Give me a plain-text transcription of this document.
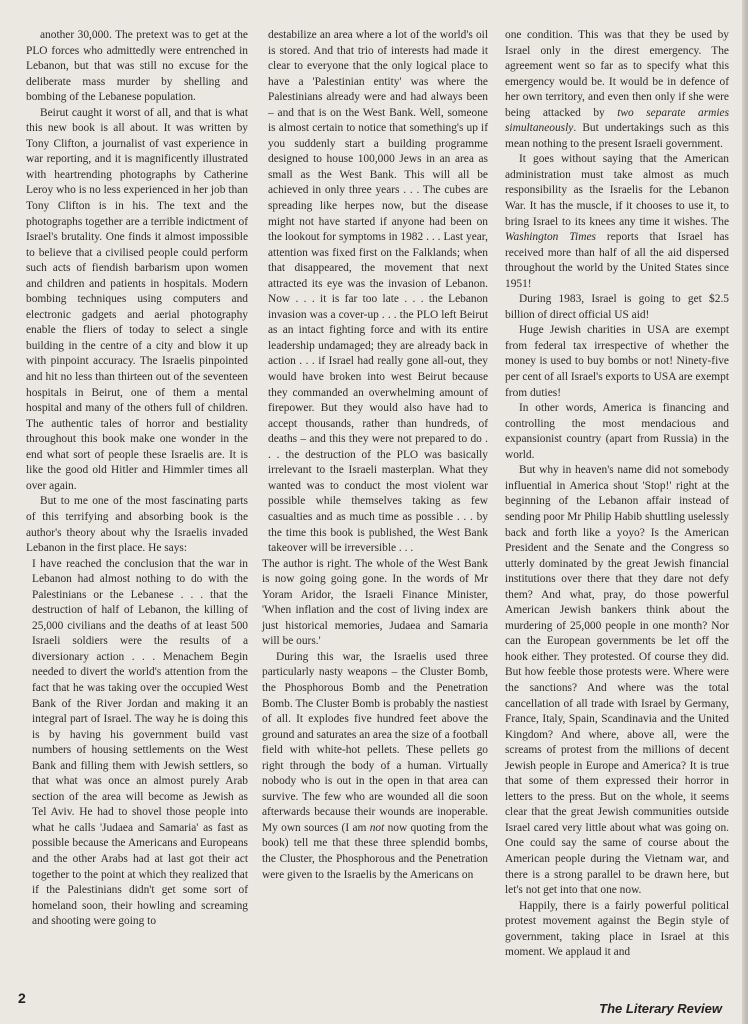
another 30,000. The pretext was to get at the PLO forces who admittedly were entrenched in Lebanon, but that was still no excuse for the deliberate mass murder by shelling and bombing of the Lebanese population.

Beirut caught it worst of all, and that is what this new book is all about. It was written by Tony Clifton, a journalist of vast experience in war reporting, and it is magnificently illustrated with heartrending photographs by Catherine Leroy who is no less experienced in her job than Tony Clifton is in his. The text and the photographs together are a terrible indictment of Israel's brutality. One finds it almost impossible to believe that a civilised people could perform such acts of fiendish barbarism upon women and children and patients in hospitals. Modern bombing techniques using computers and electronic gadgets and aerial photography enable the fliers of today to select a single building in the centre of a city and blow it up with pinpoint accuracy. The Israelis pinpointed and hit no less than thirteen out of the seventeen hospitals in Beirut, one of them a mental hospital and many of the others full of children. The authentic tales of horror and bestiality throughout this book make one wonder in the end what sort of people these Israelis are. It is like the good old Hitler and Himmler times all over again.

But to me one of the most fascinating parts of this terrifying and absorbing book is the author's theory about why the Israelis invaded Lebanon in the first place. He says:

I have reached the conclusion that the war in Lebanon had almost nothing to do with the Palestinians or the Lebanese . . . that the destruction of half of Lebanon, the killing of 25,000 civilians and the deaths of at least 500 Israeli soldiers were the results of a diversionary action . . . Menachem Begin needed to divert the world's attention from the fact that he was taking over the occupied West Bank of the River Jordan and making it an integral part of Israel. The way he is doing this is by having his government build vast numbers of housing settlements on the West Bank and filling them with Jewish settlers, so that what was once an almost purely Arab section of the area will become as Jewish as Tel Aviv. He had to shovel those people into what he calls 'Judaea and Samaria' as fast as possible because the Americans and Europeans and the other Arabs had at last got their act together to the point at which they realized that if the Palestinians didn't get some sort of homeland soon, their howling and screaming and shooting were going to

destabilize an area where a lot of the world's oil is stored. And that trio of interests had made it clear to everyone that the only logical place to have a 'Palestinian entity' was where the Palestinians already were and had always been – and that is on the West Bank. Well, someone is almost certain to notice that something's up if you suddenly start a building programme designed to house 100,000 Jews in an area as small as the West Bank. This will all be achieved in only three years . . . The cubes are spreading like herpes now, but the disease might not have started if anyone had been on the lookout for symptoms in 1982 . . . Last year, attention was fixed first on the Falklands; when that disappeared, the movement that next attracted its eye was the invasion of Lebanon. Now . . . it is far too late . . . the Lebanon invasion was a cover-up . . . the PLO left Beirut as an intact fighting force and with its entire leadership undamaged; they are already back in action . . . if Israel had really gone all-out, they would have broken into west Beirut because they commanded an overwhelming amount of firepower. But they would also have had to accept thousands, rather than hundreds, of deaths – and this they were not prepared to do . . . the destruction of the PLO was basically irrelevant to the Israeli masterplan. What they wanted was to conduct the most violent war possible while themselves taking as few casualties and as much time as possible . . . by the time this book is published, the West Bank takeover will be irreversible . . .

The author is right. The whole of the West Bank is now going going gone. In the words of Mr Yoram Aridor, the Israeli Finance Minister, 'When inflation and the cost of living index are just historical memories, Judaea and Samaria will be ours.'

During this war, the Israelis used three particularly nasty weapons – the Cluster Bomb, the Phosphorous Bomb and the Penetration Bomb. The Cluster Bomb is probably the nastiest of all. It explodes five hundred feet above the ground and saturates an area the size of a football field with white-hot pellets. These pellets go right through the body of a human. Virtually nobody who is out in the open in that area can survive. The few who are wounded all die soon afterwards because their wounds are inoperable. My own sources (I am not now quoting from the book) tell me that these three splendid bombs, the Cluster, the Phosphorous and the Penetration were given to the Israelis by the Americans on

one condition. This was that they be used by Israel only in the direst emergency. The agreement went so far as to specify what this emergency would be. It would be in defence of her own territory, and even then only if she were being attacked by two separate armies simultaneously. But undertakings such as this mean nothing to the present Israeli government.

It goes without saying that the American administration must take almost as much responsibility as the Israelis for the Lebanon War. It has the muscle, if it chooses to use it, to bring Israel to its knees any time it wishes. The Washington Times reports that Israel has received more than half of all the aid dispersed throughout the world by the United States since 1951!

During 1983, Israel is going to get $2.5 billion of direct official US aid!

Huge Jewish charities in USA are exempt from federal tax irrespective of whether the money is used to buy bombs or not! Ninety-five per cent of all Israel's exports to USA are exempt from duties!

In other words, America is financing and controlling the most mendacious and expansionist country (apart from Russia) in the world.

But why in heaven's name did not somebody influential in America shout 'Stop!' right at the beginning of the Lebanon affair instead of sending poor Mr Philip Habib shuttling uselessly back and forth like a yoyo? Is the American President and the Senate and the Congress so utterly dominated by the great Jewish financial institutions over there that they dare not defy them? And what, pray, do those powerful American Jewish bankers think about the murdering of 25,000 people in one month? Nor can the European governments be let off the hook either. They protested. Of course they did. But how feeble those protests were. Where were the sanctions? And where was the total cancellation of all trade with Israel by Germany, France, Italy, Spain, Scandinavia and the United Kingdom? And where, above all, were the screams of protest from the millions of decent Jewish people in Europe and America? It is true that some of them expressed their horror in letters to the press. But on the whole, it seems clear that the great Jewish communities outside Israel cared very little about what was going on. One could say the same of course about the American people during the Vietnam war, and there is a strong parallel to be drawn here, but let's not get into that one now.

Happily, there is a fairly powerful political protest movement against the Begin style of government, taking place in Israel at this moment. We applaud it and

2
The Literary Review
